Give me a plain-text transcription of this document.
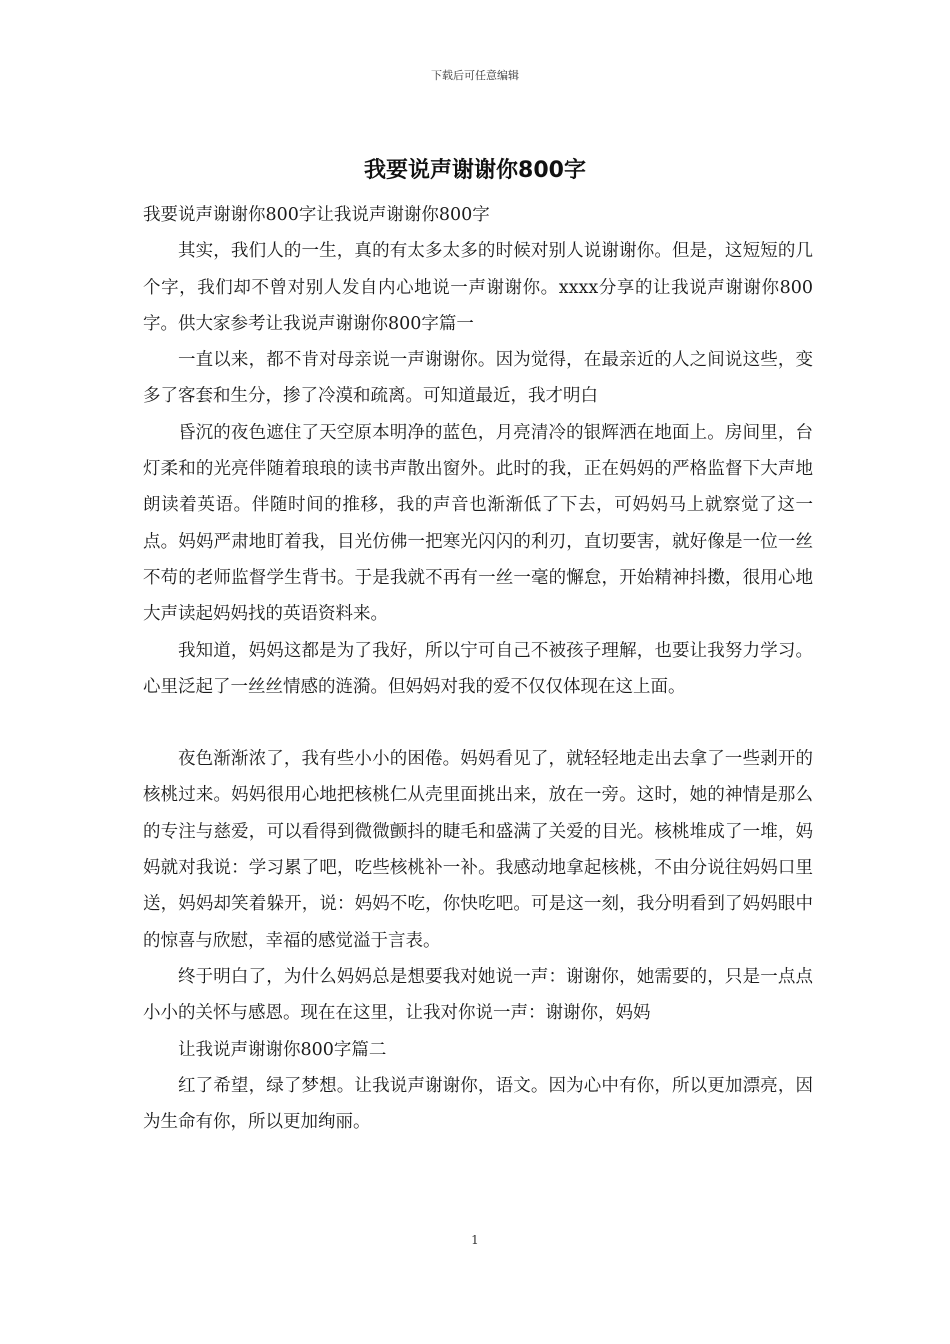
下载后可任意编辑
我要说声谢谢你800字

我要说声谢谢你800字让我说声谢谢你800字

其实，我们人的一生，真的有太多太多的时候对别人说谢谢你。但是，这短短的几个字，我们却不曾对别人发自内心地说一声谢谢你。xxxx分享的让我说声谢谢你800字。供大家参考让我说声谢谢你800字篇一

一直以来，都不肯对母亲说一声谢谢你。因为觉得，在最亲近的人之间说这些，变多了客套和生分，掺了冷漠和疏离。可知道最近，我才明白

昏沉的夜色遮住了天空原本明净的蓝色，月亮清冷的银辉洒在地面上。房间里，台灯柔和的光亮伴随着琅琅的读书声散出窗外。此时的我，正在妈妈的严格监督下大声地朗读着英语。伴随时间的推移，我的声音也渐渐低了下去，可妈妈马上就察觉了这一点。妈妈严肃地盯着我，目光仿佛一把寒光闪闪的利刃，直切要害，就好像是一位一丝不苟的老师监督学生背书。于是我就不再有一丝一毫的懈怠，开始精神抖擞，很用心地大声读起妈妈找的英语资料来。

我知道，妈妈这都是为了我好，所以宁可自己不被孩子理解，也要让我努力学习。心里泛起了一丝丝情感的涟漪。但妈妈对我的爱不仅仅体现在这上面。

夜色渐渐浓了，我有些小小的困倦。妈妈看见了，就轻轻地走出去拿了一些剥开的核桃过来。妈妈很用心地把核桃仁从壳里面挑出来，放在一旁。这时，她的神情是那么的专注与慈爱，可以看得到微微颤抖的睫毛和盛满了关爱的目光。核桃堆成了一堆，妈妈就对我说：学习累了吧，吃些核桃补一补。我感动地拿起核桃，不由分说往妈妈口里送，妈妈却笑着躲开，说：妈妈不吃，你快吃吧。可是这一刻，我分明看到了妈妈眼中的惊喜与欣慰，幸福的感觉溢于言表。

终于明白了，为什么妈妈总是想要我对她说一声：谢谢你，她需要的，只是一点点小小的关怀与感恩。现在在这里，让我对你说一声：谢谢你，妈妈

让我说声谢谢你800字篇二

红了希望，绿了梦想。让我说声谢谢你，语文。因为心中有你，所以更加漂亮，因为生命有你，所以更加绚丽。

1
